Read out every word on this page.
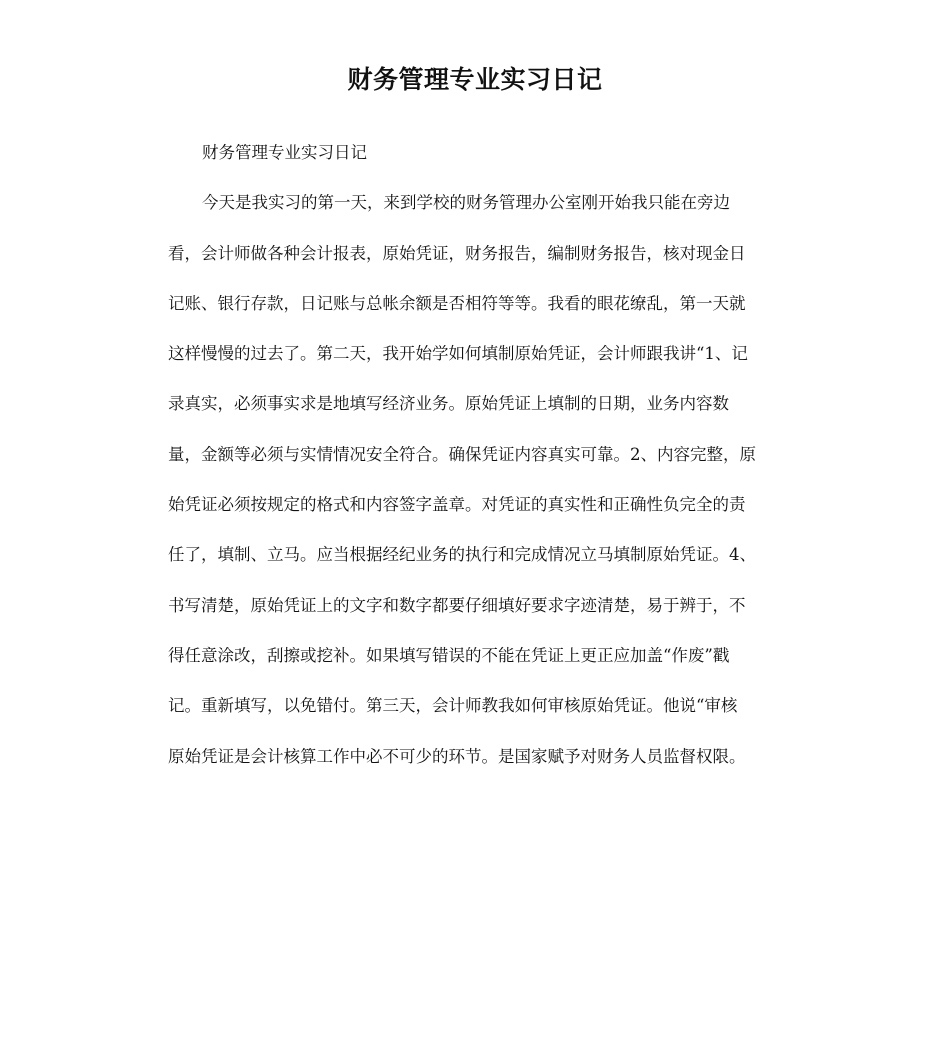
财务管理专业实习日记
财务管理专业实习日记
今天是我实习的第一天，来到学校的财务管理办公室刚开始我只能在旁边
看，会计师做各种会计报表，原始凭证，财务报告，编制财务报告，核对现金日
记账、银行存款，日记账与总帐余额是否相符等等。我看的眼花缭乱，第一天就
这样慢慢的过去了。第二天，我开始学如何填制原始凭证，会计师跟我讲“1、记
录真实，必须事实求是地填写经济业务。原始凭证上填制的日期，业务内容数
量，金额等必须与实情情况安全符合。确保凭证内容真实可靠。2、内容完整，原
始凭证必须按规定的格式和内容签字盖章。对凭证的真实性和正确性负完全的责
任了，填制、立马。应当根据经纪业务的执行和完成情况立马填制原始凭证。4、
书写清楚，原始凭证上的文字和数字都要仔细填好要求字迹清楚，易于辨于，不
得任意涂改，刮擦或挖补。如果填写错误的不能在凭证上更正应加盖“作废”戳
记。重新填写，以免错付。第三天，会计师教我如何审核原始凭证。他说“审核
原始凭证是会计核算工作中必不可少的环节。是国家赋予对财务人员监督权限。
